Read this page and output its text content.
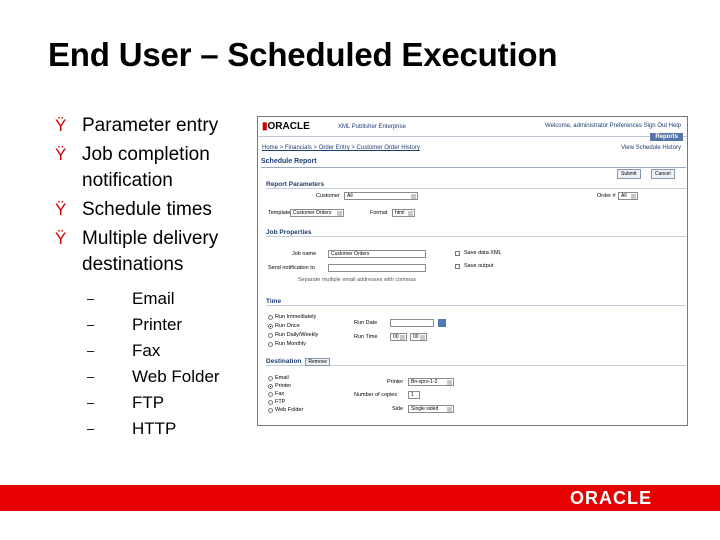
End User – Scheduled Execution
Ÿ Parameter entry
Ÿ Job completion notification
Ÿ Schedule times
Ÿ Multiple delivery destinations
– Email
– Printer
– Fax
– Web Folder
– FTP
– HTTP
▮ORACLE	XML Publisher Enterprise	Welcome, administrator Preferences Sign Out Help
Reports
Home > Financials > Order Entry > Customer Order History	View Schedule History
Schedule Report
Submit	Cancel
Report Parameters
Customer	All	Order #	All
Template Customer Orders	Format	html
Job Properties
Job name	Customer Orders
Send notification to
Separate multiple email addresses with commas
Save data XML
Save output
Time
Run Immediately
Run Once
Run Daily/Weekly
Run Monthly
Run Date
Run Time	00	00
Destination Remove
Email
Printer
Fax
FTP
Web Folder
Printer	Bn-xpro-1-2
Number of copies	1
Side	Single sided
ORACLE
